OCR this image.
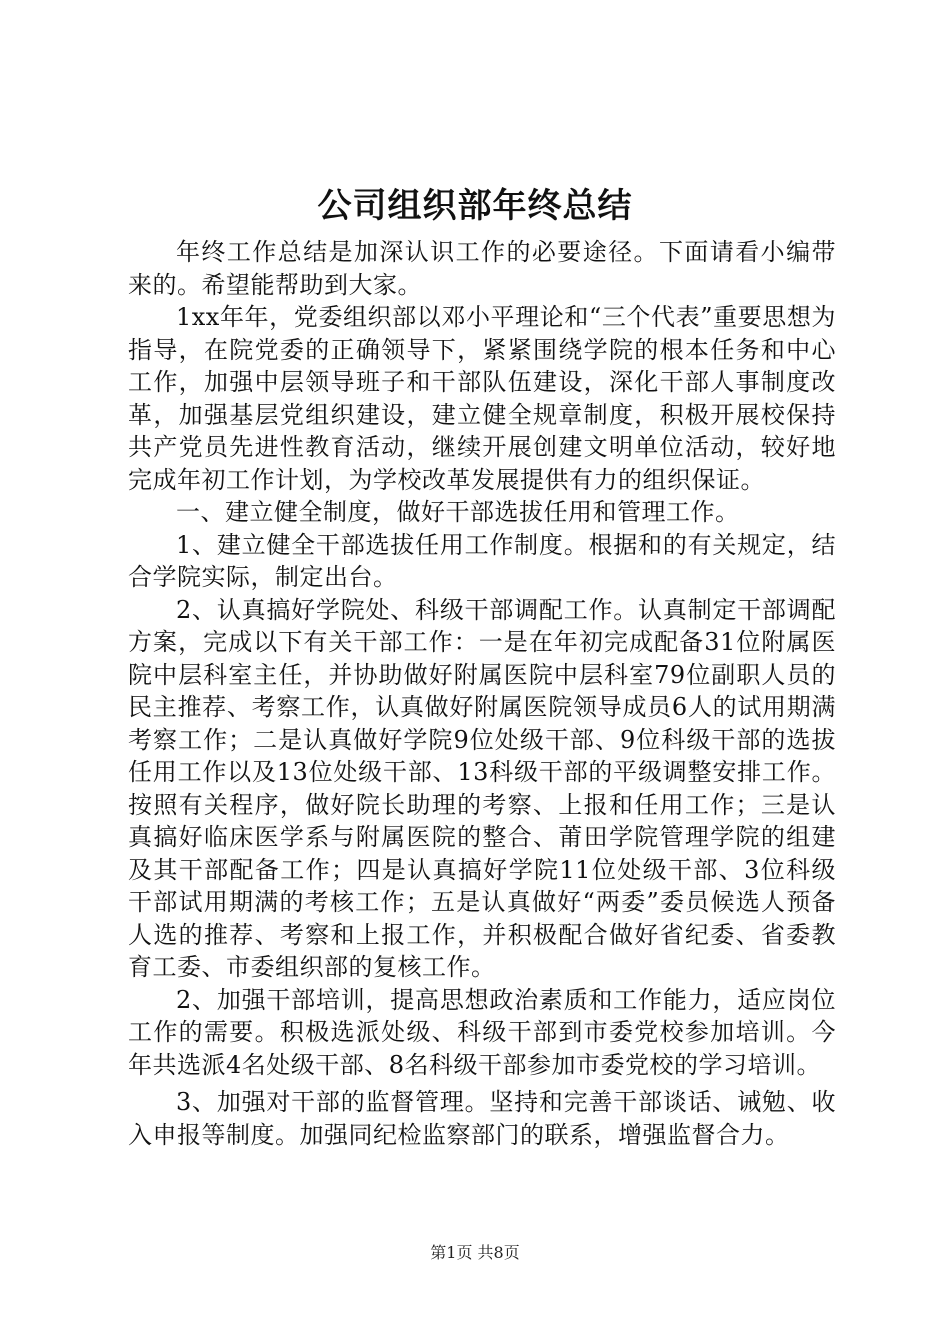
公司组织部年终总结

年终工作总结是加深认识工作的必要途径。下面请看小编带来的。希望能帮助到大家。

1xx年年，党委组织部以邓小平理论和“三个代表”重要思想为指导，在院党委的正确领导下，紧紧围绕学院的根本任务和中心工作，加强中层领导班子和干部队伍建设，深化干部人事制度改革，加强基层党组织建设，建立健全规章制度，积极开展校保持共产党员先进性教育活动，继续开展创建文明单位活动，较好地完成年初工作计划，为学校改革发展提供有力的组织保证。

一、建立健全制度，做好干部选拔任用和管理工作。

1、建立健全干部选拔任用工作制度。根据和的有关规定，结合学院实际，制定出台。

2、认真搞好学院处、科级干部调配工作。认真制定干部调配方案，完成以下有关干部工作：一是在年初完成配备31位附属医院中层科室主任，并协助做好附属医院中层科室79位副职人员的民主推荐、考察工作，认真做好附属医院领导成员6人的试用期满考察工作；二是认真做好学院9位处级干部、9位科级干部的选拔任用工作以及13位处级干部、13科级干部的平级调整安排工作。按照有关程序，做好院长助理的考察、上报和任用工作；三是认真搞好临床医学系与附属医院的整合、莆田学院管理学院的组建及其干部配备工作；四是认真搞好学院11位处级干部、3位科级干部试用期满的考核工作；五是认真做好“两委”委员候选人预备人选的推荐、考察和上报工作，并积极配合做好省纪委、省委教育工委、市委组织部的复核工作。

2、加强干部培训，提高思想政治素质和工作能力，适应岗位工作的需要。积极选派处级、科级干部到市委党校参加培训。今年共选派4名处级干部、8名科级干部参加市委党校的学习培训。

3、加强对干部的监督管理。坚持和完善干部谈话、诫勉、收入申报等制度。加强同纪检监察部门的联系，增强监督合力。

第1页 共8页
